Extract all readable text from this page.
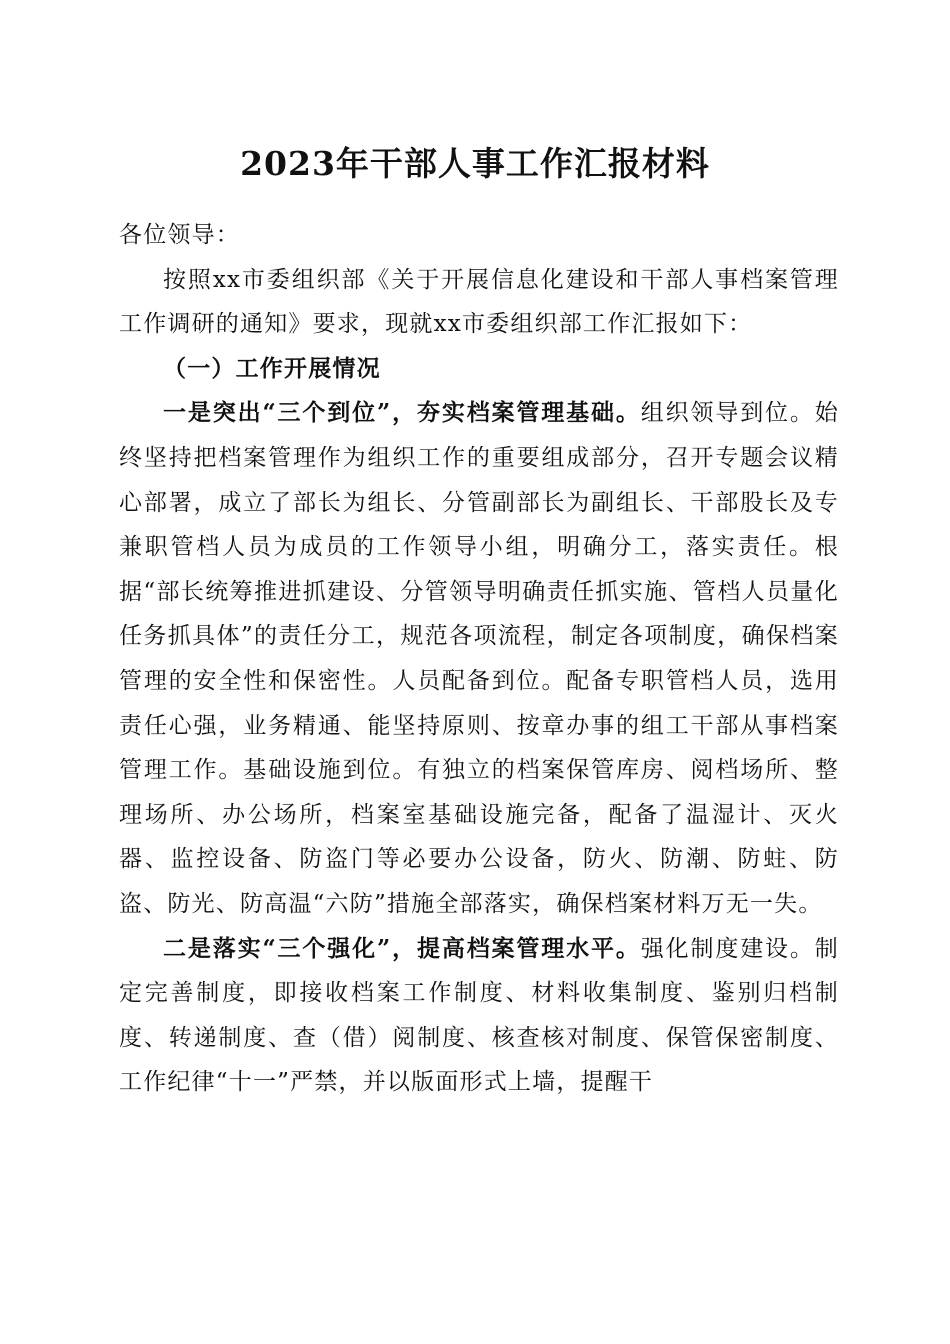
2023年干部人事工作汇报材料

各位领导：

按照xx市委组织部《关于开展信息化建设和干部人事档案管理工作调研的通知》要求，现就xx市委组织部工作汇报如下：

（一）工作开展情况

一是突出“三个到位”，夯实档案管理基础。组织领导到位。始终坚持把档案管理作为组织工作的重要组成部分，召开专题会议精心部署，成立了部长为组长、分管副部长为副组长、干部股长及专兼职管档人员为成员的工作领导小组，明确分工，落实责任。根据“部长统筹推进抓建设、分管领导明确责任抓实施、管档人员量化任务抓具体”的责任分工，规范各项流程，制定各项制度，确保档案管理的安全性和保密性。人员配备到位。配备专职管档人员，选用责任心强，业务精通、能坚持原则、按章办事的组工干部从事档案管理工作。基础设施到位。有独立的档案保管库房、阅档场所、整理场所、办公场所，档案室基础设施完备，配备了温湿计、灭火器、监控设备、防盗门等必要办公设备，防火、防潮、防蛀、防盗、防光、防高温“六防”措施全部落实，确保档案材料万无一失。

二是落实“三个强化”，提高档案管理水平。强化制度建设。制定完善制度，即接收档案工作制度、材料收集制度、鉴别归档制度、转递制度、查（借）阅制度、核查核对制度、保管保密制度、工作纪律“十一”严禁，并以版面形式上墙，提醒干
